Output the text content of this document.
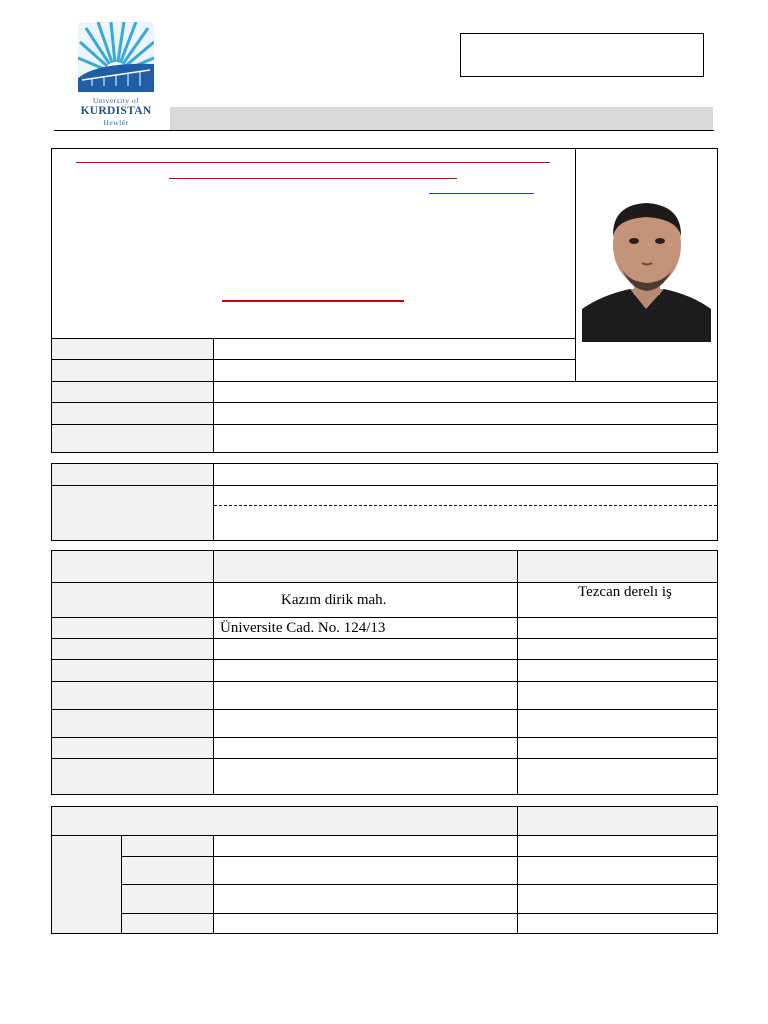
University of
KURDISTAN
Hewlêr
Kazım dirik mah.
Üniversite Cad. No. 124/13
Tezcan derelı iş
